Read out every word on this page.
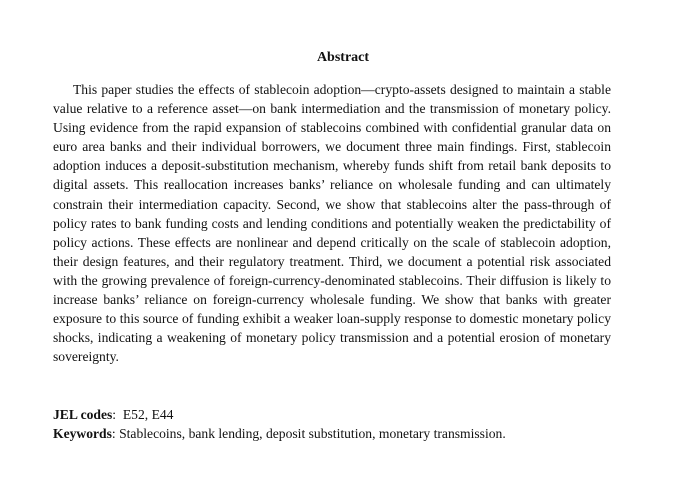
Abstract

This paper studies the effects of stablecoin adoption—crypto-assets designed to maintain a stable value relative to a reference asset—on bank intermediation and the transmission of monetary policy. Using evidence from the rapid expansion of stablecoins combined with confidential granular data on euro area banks and their individual borrowers, we document three main findings. First, stablecoin adoption induces a deposit-substitution mechanism, whereby funds shift from retail bank deposits to digital assets. This reallocation increases banks’ reliance on wholesale funding and can ultimately constrain their intermediation capacity. Second, we show that stablecoins alter the pass-through of policy rates to bank funding costs and lending conditions and potentially weaken the predictability of policy actions. These effects are nonlinear and depend critically on the scale of stablecoin adoption, their design features, and their regulatory treatment. Third, we document a potential risk associated with the growing prevalence of foreign-currency-denominated stablecoins. Their diffusion is likely to increase banks’ reliance on foreign-currency wholesale funding. We show that banks with greater exposure to this source of funding exhibit a weaker loan-supply response to domestic monetary policy shocks, indicating a weakening of monetary policy transmission and a potential erosion of monetary sovereignty.

JEL codes: E52, E44
Keywords: Stablecoins, bank lending, deposit substitution, monetary transmission.
